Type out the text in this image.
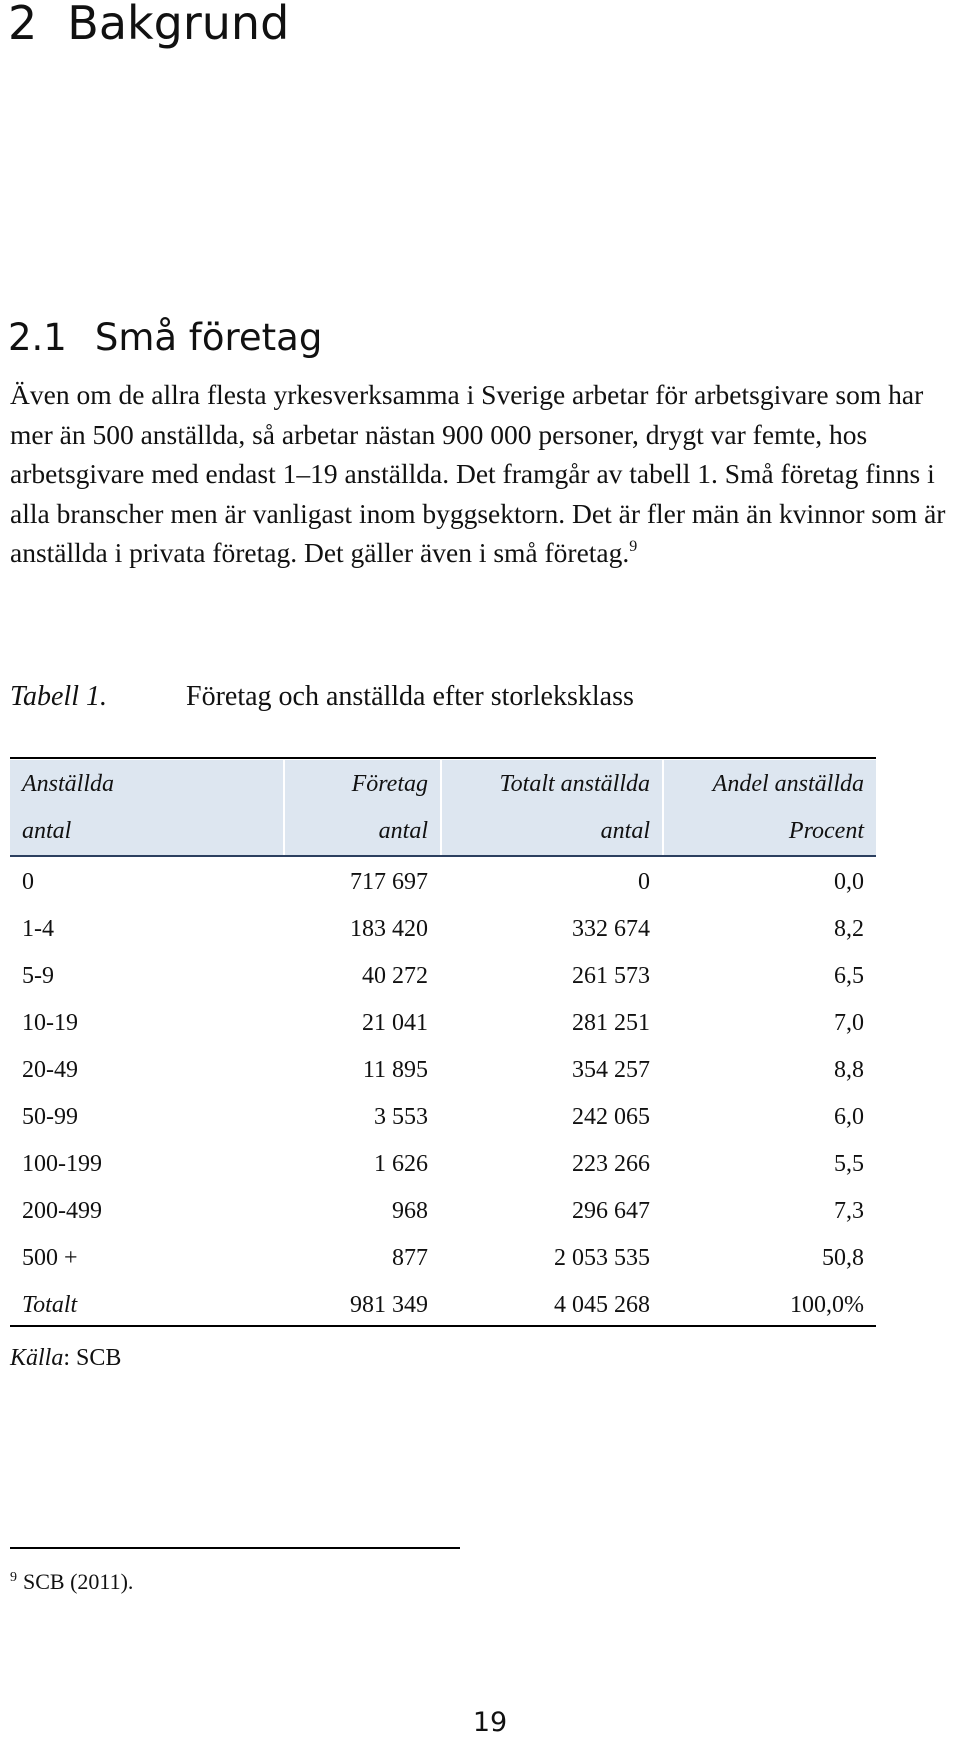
2 Bakgrund
2.1 Små företag

Även om de allra flesta yrkesverksamma i Sverige arbetar för arbetsgivare som har mer än 500 anställda, så arbetar nästan 900 000 personer, drygt var femte, hos arbetsgivare med endast 1–19 anställda. Det framgår av tabell 1. Små företag finns i alla branscher men är vanligast inom byggsektorn. Det är fler män än kvinnor som är anställda i privata företag. Det gäller även i små företag.$^9$

Tabell 1.	Företag och anställda efter storleksklass
Anställda	Företag	Totalt anställda	Andel anställda
antal	antal	antal	Procent
0	717 697	0	0,0
1-4	183 420	332 674	8,2
5-9	40 272	261 573	6,5
10-19	21 041	281 251	7,0
20-49	11 895	354 257	8,8
50-99	3 553	242 065	6,0
100-199	1 626	223 266	5,5
200-499	968	296 647	7,3
500 +	877	2 053 535	50,8
Totalt	981 349	4 045 268	100,0%
Källa: SCB
$^9$ SCB (2011).
19
